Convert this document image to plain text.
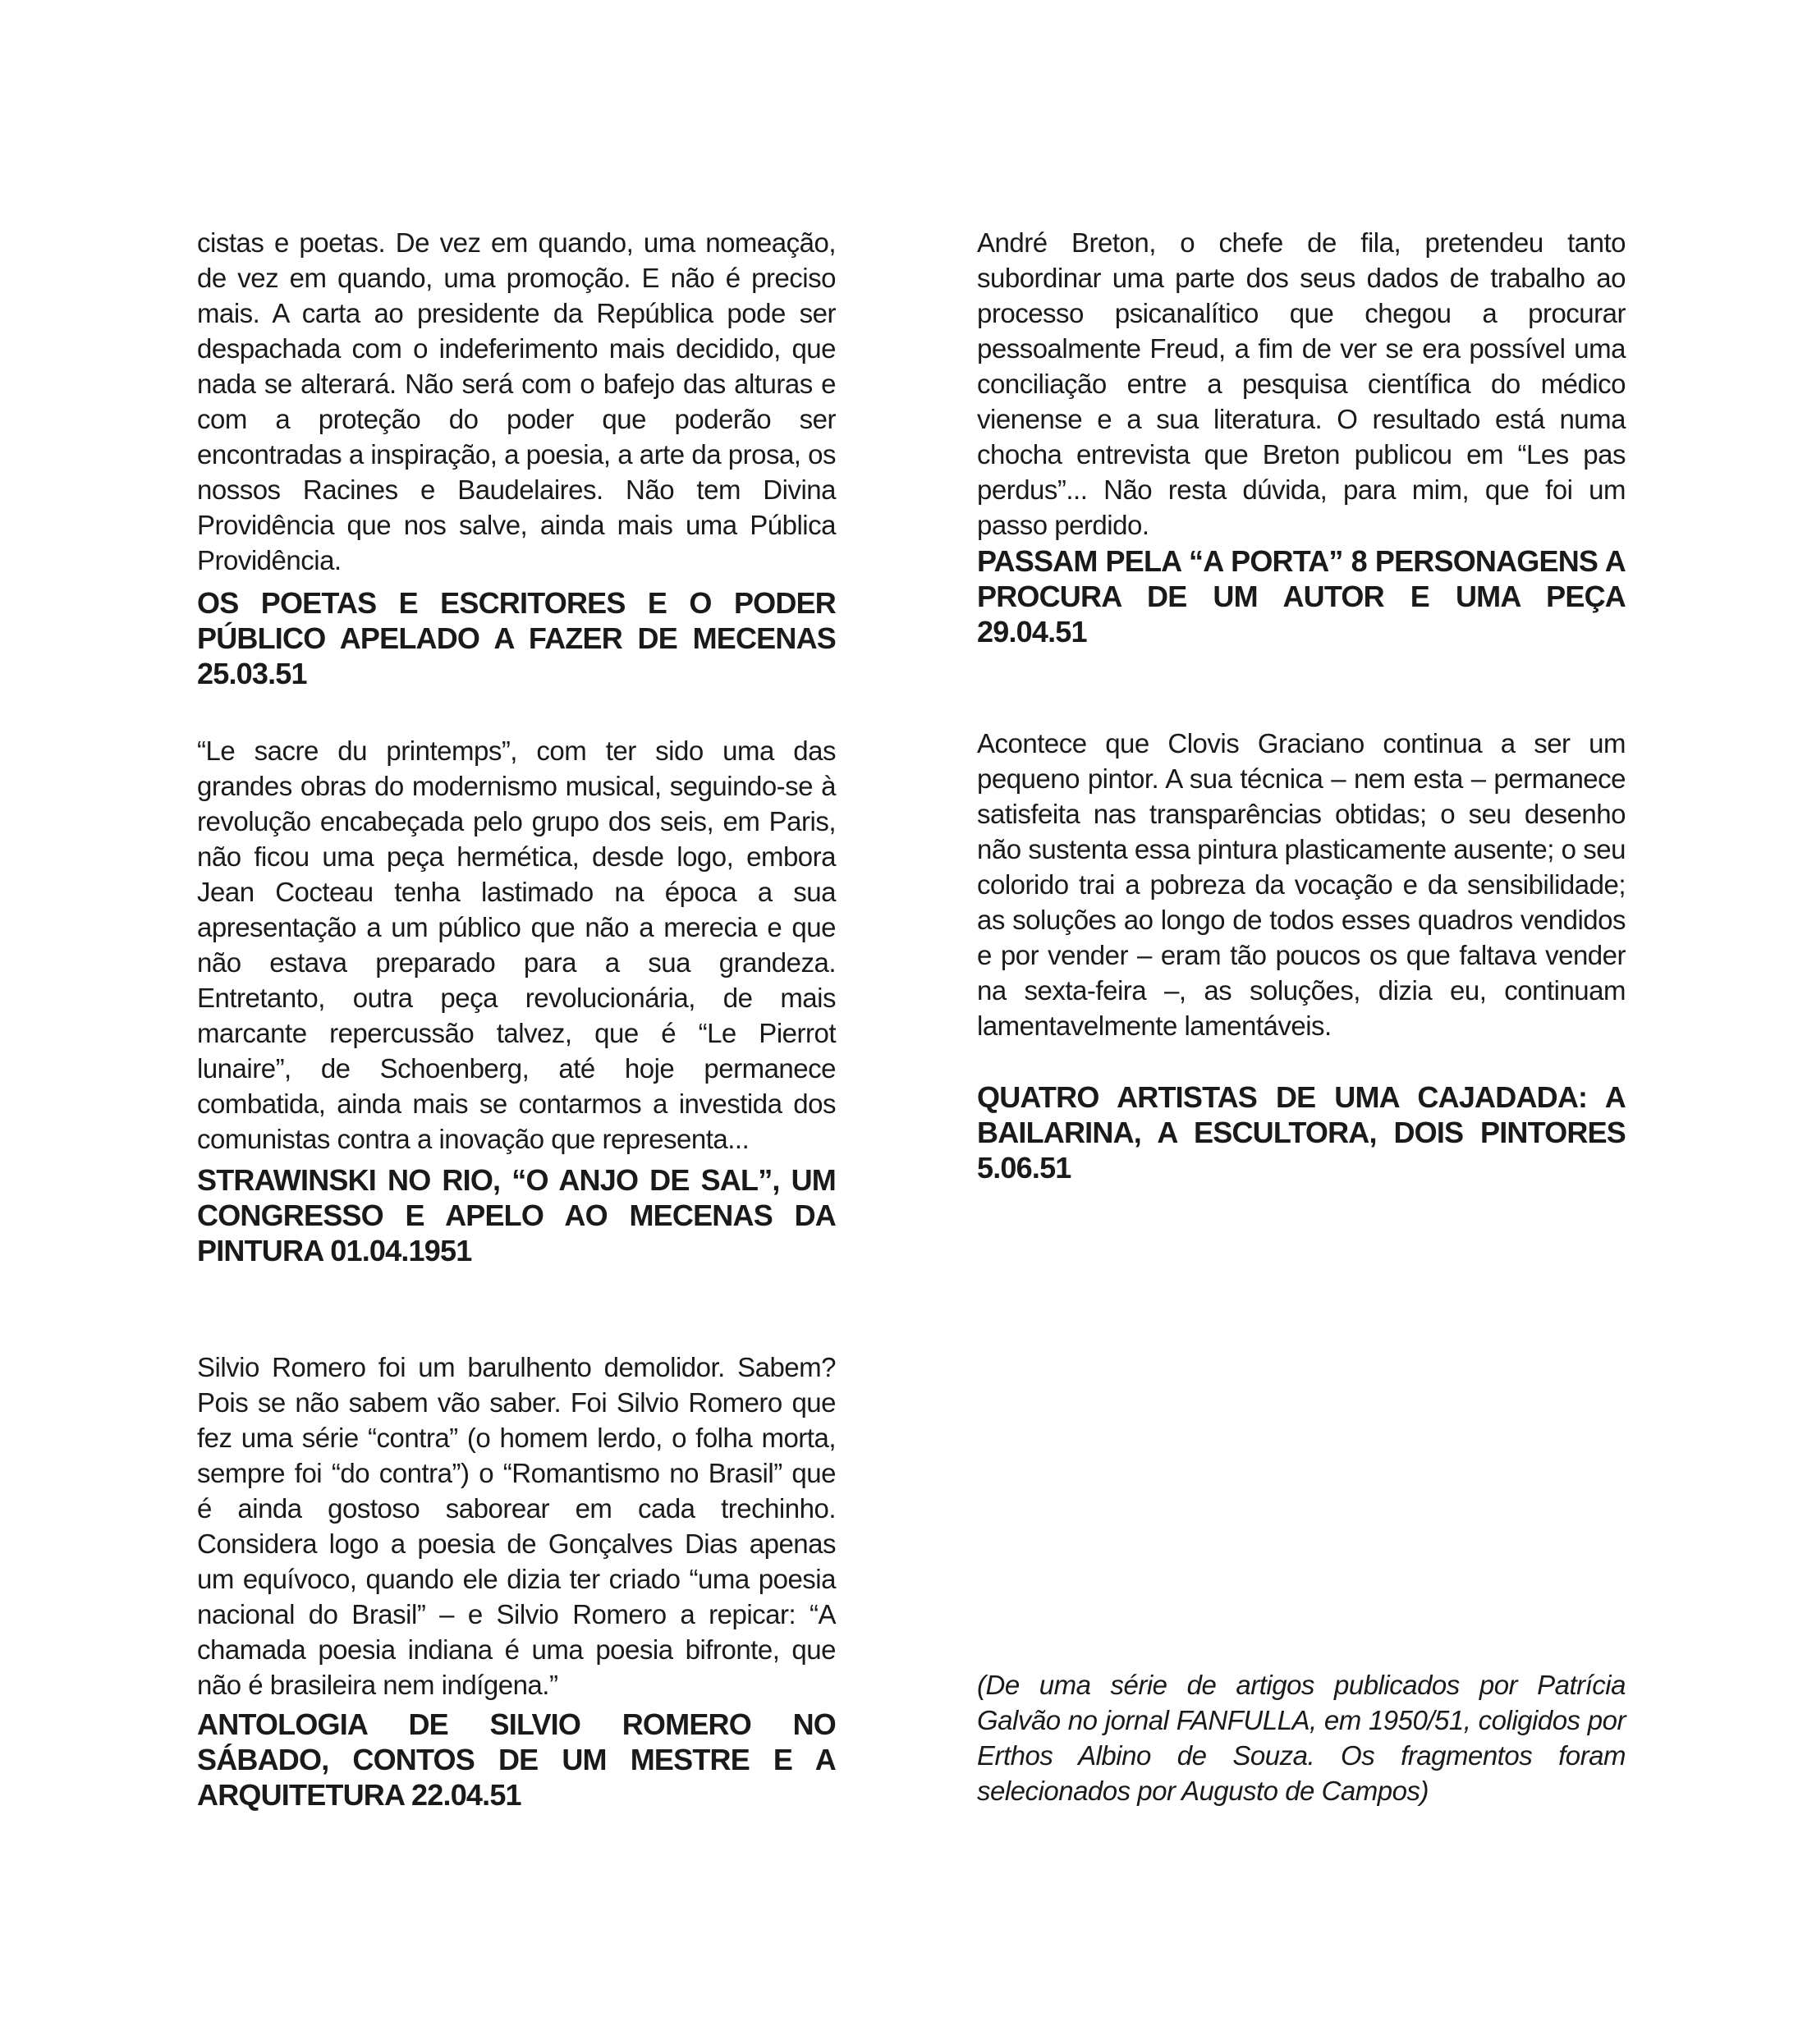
cistas e poetas. De vez em quando, uma nomeação, de vez em quando, uma promoção. E não é preciso mais. A carta ao presidente da República pode ser despachada com o indeferimento mais decidido, que nada se alterará. Não será com o bafejo das alturas e com a proteção do poder que poderão ser encontradas a inspiração, a poesia, a arte da prosa, os nossos Racines e Baudelaires. Não tem Divina Providência que nos salve, ainda mais uma Pública Providência.

OS POETAS E ESCRITORES E O PODER PÚBLICO APELADO A FAZER DE MECENAS 25.03.51

“Le sacre du printemps”, com ter sido uma das grandes obras do modernismo musical, seguindo-se à revolução encabeçada pelo grupo dos seis, em Paris, não ficou uma peça hermética, desde logo, embora Jean Cocteau tenha lastimado na época a sua apresentação a um público que não a merecia e que não estava preparado para a sua grandeza. Entretanto, outra peça revolucionária, de mais marcante repercussão talvez, que é “Le Pierrot lunaire”, de Schoenberg, até hoje permanece combatida, ainda mais se contarmos a investida dos comunistas contra a inovação que representa...

STRAWINSKI NO RIO, “O ANJO DE SAL”, UM CONGRESSO E APELO AO MECENAS DA PINTURA 01.04.1951

Silvio Romero foi um barulhento demolidor. Sabem? Pois se não sabem vão saber. Foi Silvio Romero que fez uma série “contra” (o homem lerdo, o folha morta, sempre foi “do contra”) o “Romantismo no Brasil” que é ainda gostoso saborear em cada trechinho. Considera logo a poesia de Gonçalves Dias apenas um equívoco, quando ele dizia ter criado “uma poesia nacional do Brasil” – e Silvio Romero a repicar: “A chamada poesia indiana é uma poesia bifronte, que não é brasileira nem indígena.”

ANTOLOGIA DE SILVIO ROMERO NO SÁBADO, CONTOS DE UM MESTRE E A ARQUITETURA 22.04.51

André Breton, o chefe de fila, pretendeu tanto subordinar uma parte dos seus dados de trabalho ao processo psicanalítico que chegou a procurar pessoalmente Freud, a fim de ver se era possível uma conciliação entre a pesquisa científica do médico vienense e a sua literatura. O resultado está numa chocha entrevista que Breton publicou em “Les pas perdus”... Não resta dúvida, para mim, que foi um passo perdido.

PASSAM PELA “A PORTA” 8 PERSONAGENS A PROCURA DE UM AUTOR E UMA PEÇA 29.04.51

Acontece que Clovis Graciano continua a ser um pequeno pintor. A sua técnica – nem esta – permanece satisfeita nas transparências obtidas; o seu desenho não sustenta essa pintura plasticamente ausente; o seu colorido trai a pobreza da vocação e da sensibilidade; as soluções ao longo de todos esses quadros vendidos e por vender – eram tão poucos os que faltava vender na sexta-feira –, as soluções, dizia eu, continuam lamentavelmente lamentáveis.

QUATRO ARTISTAS DE UMA CAJADADA: A BAILARINA, A ESCULTORA, DOIS PINTORES 5.06.51

(De uma série de artigos publicados por Patrícia Galvão no jornal FANFULLA, em 1950/51, coligidos por Erthos Albino de Souza. Os fragmentos foram selecionados por Augusto de Campos)
